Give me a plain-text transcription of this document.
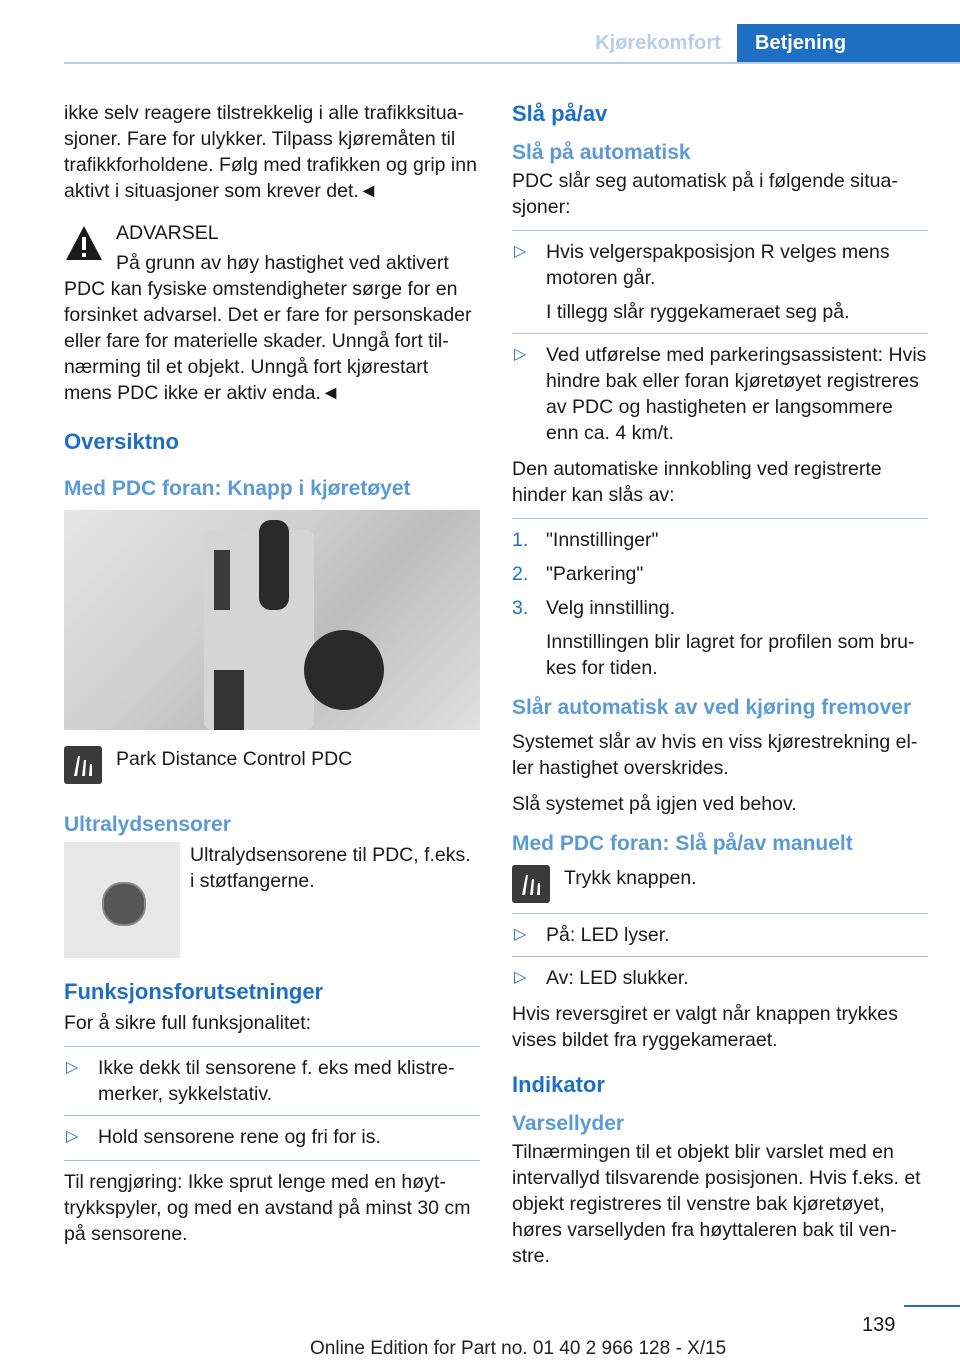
Kjørekomfort	Betjening

ikke selv reagere tilstrekkelig i alle trafikksituasjoner. Fare for ulykker. Tilpass kjøremåten til trafikkforholdene. Følg med trafikken og grip inn aktivt i situasjoner som krever det.◄

ADVARSEL

På grunn av høy hastighet ved aktivert PDC kan fysiske omstendigheter sørge for en forsinket advarsel. Det er fare for personskader eller fare for materielle skader. Unngå fort tilnærming til et objekt. Unngå fort kjørestart mens PDC ikke er aktiv enda.◄

Oversiktno
Med PDC foran: Knapp i kjøretøyet
Park Distance Control PDC
Ultralydsensorer

Ultralydsensorene til PDC, f.eks. i støtfangerne.

Funksjonsforutsetninger

For å sikre full funksjonalitet:

▷ Ikke dekk til sensorene f. eks med klistremerker, sykkelstativ.
▷ Hold sensorene rene og fri for is.

Til rengjøring: Ikke sprut lenge med en høyttrykkspyler, og med en avstand på minst 30 cm på sensorene.

Slå på/av
Slå på automatisk

PDC slår seg automatisk på i følgende situasjoner:

▷ Hvis velgerspakposisjon R velges mens motoren går.
I tillegg slår ryggekameraet seg på.
▷ Ved utførelse med parkeringsassistent: Hvis hindre bak eller foran kjøretøyet registreres av PDC og hastigheten er langsommere enn ca. 4 km/t.

Den automatiske innkobling ved registrerte hinder kan slås av:

1. "Innstillinger"
2. "Parkering"
3. Velg innstilling.
Innstillingen blir lagret for profilen som brukes for tiden.
Slår automatisk av ved kjøring fremover

Systemet slår av hvis en viss kjørestrekning eller hastighet overskrides.

Slå systemet på igjen ved behov.

Med PDC foran: Slå på/av manuelt
Trykk knappen.
▷ På: LED lyser.
▷ Av: LED slukker.

Hvis reversgiret er valgt når knappen trykkes vises bildet fra ryggekameraet.

Indikator
Varsellyder

Tilnærmingen til et objekt blir varslet med en intervallyd tilsvarende posisjonen. Hvis f.eks. et objekt registreres til venstre bak kjøretøyet, høres varsellyden fra høyttaleren bak til venstre.

139
Online Edition for Part no. 01 40 2 966 128 - X/15
